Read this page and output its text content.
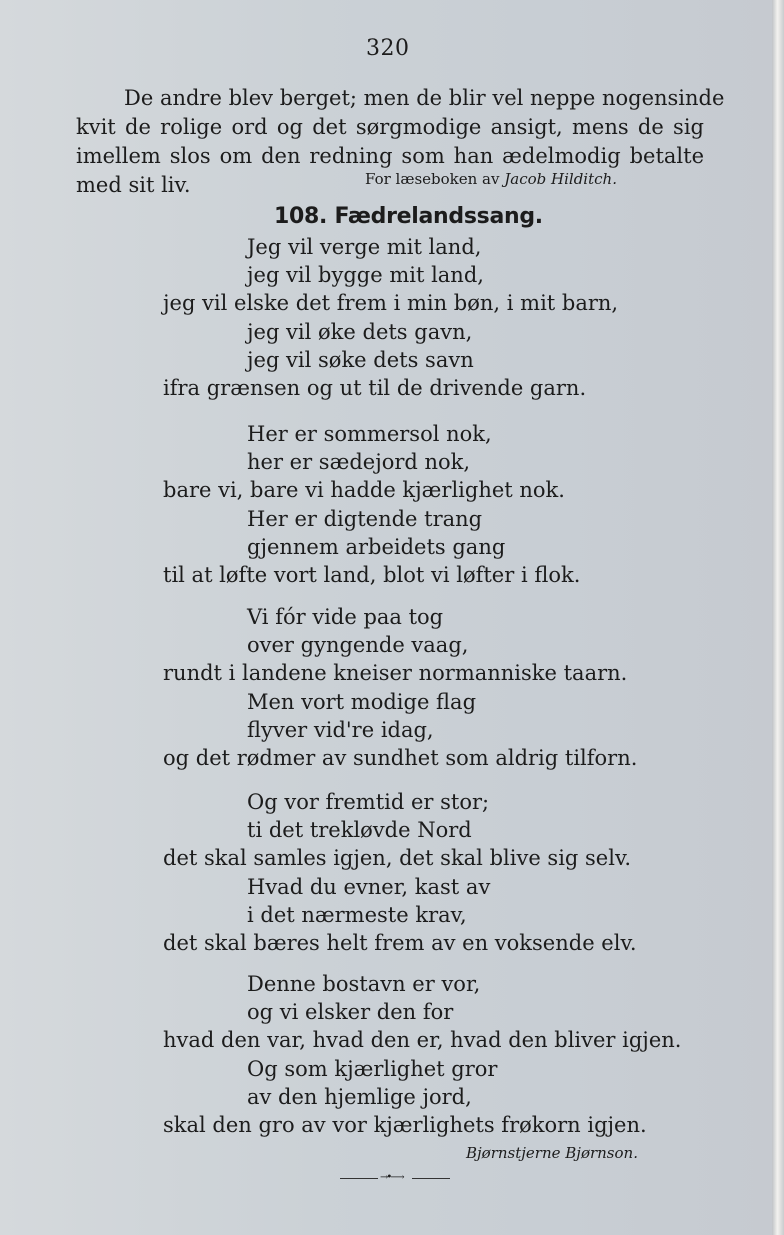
320
De andre blev berget; men de blir vel neppe nogensinde
kvit de rolige ord og det sørgmodige ansigt, mens de sig
imellem slos om den redning som han ædelmodig betalte
med sit liv.	For læseboken av Jacob Hilditch.
108. Fædrelandssang.
Jeg vil verge mit land,
jeg vil bygge mit land,
jeg vil elske det frem i min bøn, i mit barn,
jeg vil øke dets gavn,
jeg vil søke dets savn
ifra grænsen og ut til de drivende garn.
Her er sommersol nok,
her er sædejord nok,
bare vi, bare vi hadde kjærlighet nok.
Her er digtende trang
gjennem arbeidets gang
til at løfte vort land, blot vi løfter i flok.
Vi fór vide paa tog
over gyngende vaag,
rundt i landene kneiser normanniske taarn.
Men vort modige flag
flyver vid're idag,
og det rødmer av sundhet som aldrig tilforn.
Og vor fremtid er stor;
ti det trekløvde Nord
det skal samles igjen, det skal blive sig selv.
Hvad du evner, kast av
i det nærmeste krav,
det skal bæres helt frem av en voksende elv.
Denne bostavn er vor,
og vi elsker den for
hvad den var, hvad den er, hvad den bliver igjen.
Og som kjærlighet gror
av den hjemlige jord,
skal den gro av vor kjærlighets frøkorn igjen.
Bjørnstjerne Bjørnson.
→•⟶
